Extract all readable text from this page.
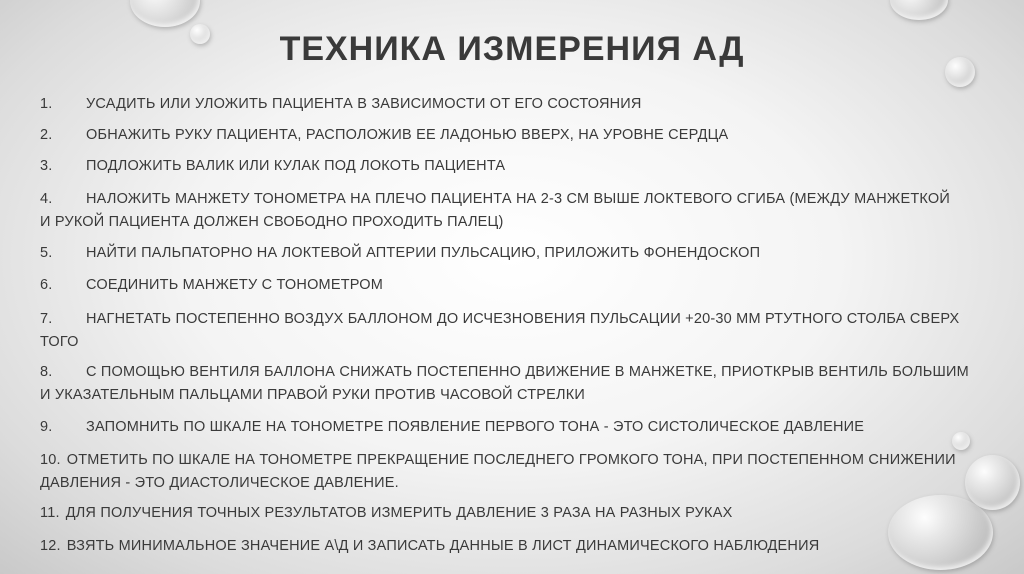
ТЕХНИКА ИЗМЕРЕНИЯ АД
1. УСАДИТЬ ИЛИ УЛОЖИТЬ ПАЦИЕНТА В ЗАВИСИМОСТИ ОТ ЕГО СОСТОЯНИЯ
2. ОБНАЖИТЬ РУКУ ПАЦИЕНТА, РАСПОЛОЖИВ ЕЕ ЛАДОНЬЮ ВВЕРХ, НА УРОВНЕ СЕРДЦА
3. ПОДЛОЖИТЬ ВАЛИК ИЛИ КУЛАК ПОД ЛОКОТЬ ПАЦИЕНТА
4. НАЛОЖИТЬ МАНЖЕТУ ТОНОМЕТРА НА ПЛЕЧО ПАЦИЕНТА НА 2-3 СМ ВЫШЕ ЛОКТЕВОГО СГИБА (МЕЖДУ МАНЖЕТКОЙ
И РУКОЙ ПАЦИЕНТА ДОЛЖЕН СВОБОДНО ПРОХОДИТЬ ПАЛЕЦ)
5. НАЙТИ ПАЛЬПАТОРНО НА ЛОКТЕВОЙ АПТЕРИИ ПУЛЬСАЦИЮ, ПРИЛОЖИТЬ ФОНЕНДОСКОП
6. СОЕДИНИТЬ МАНЖЕТУ С ТОНОМЕТРОМ
7. НАГНЕТАТЬ ПОСТЕПЕННО ВОЗДУХ БАЛЛОНОМ ДО ИСЧЕЗНОВЕНИЯ ПУЛЬСАЦИИ +20-30 ММ РТУТНОГО СТОЛБА СВЕРХ
ТОГО
8. С ПОМОЩЬЮ ВЕНТИЛЯ БАЛЛОНА СНИЖАТЬ ПОСТЕПЕННО ДВИЖЕНИЕ В МАНЖЕТКЕ, ПРИОТКРЫВ ВЕНТИЛЬ БОЛЬШИМ
И УКАЗАТЕЛЬНЫМ ПАЛЬЦАМИ ПРАВОЙ РУКИ ПРОТИВ ЧАСОВОЙ СТРЕЛКИ
9. ЗАПОМНИТЬ ПО ШКАЛЕ НА ТОНОМЕТРЕ ПОЯВЛЕНИЕ ПЕРВОГО ТОНА - ЭТО СИСТОЛИЧЕСКОЕ ДАВЛЕНИЕ
10. ОТМЕТИТЬ ПО ШКАЛЕ НА ТОНОМЕТРЕ ПРЕКРАЩЕНИЕ ПОСЛЕДНЕГО ГРОМКОГО ТОНА, ПРИ ПОСТЕПЕННОМ СНИЖЕНИИ
ДАВЛЕНИЯ - ЭТО ДИАСТОЛИЧЕСКОЕ ДАВЛЕНИЕ.
11. ДЛЯ ПОЛУЧЕНИЯ ТОЧНЫХ РЕЗУЛЬТАТОВ ИЗМЕРИТЬ ДАВЛЕНИЕ 3 РАЗА НА РАЗНЫХ РУКАХ
12. ВЗЯТЬ МИНИМАЛЬНОЕ ЗНАЧЕНИЕ А\Д И ЗАПИСАТЬ ДАННЫЕ В ЛИСТ ДИНАМИЧЕСКОГО НАБЛЮДЕНИЯ
